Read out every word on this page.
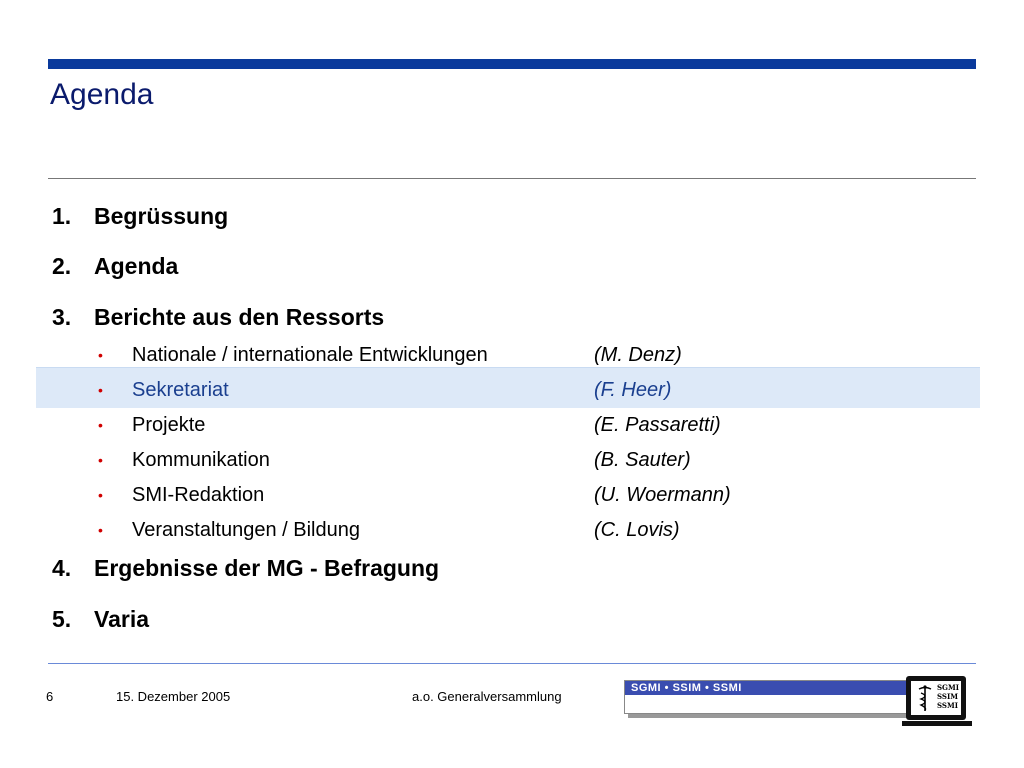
Agenda
1. Begrüssung
2. Agenda
3. Berichte aus den Ressorts
• Nationale / internationale Entwicklungen	(M. Denz)
• Sekretariat	(F. Heer)
• Projekte	(E. Passaretti)
• Kommunikation	(B. Sauter)
• SMI-Redaktion	(U. Woermann)
• Veranstaltungen / Bildung	(C. Lovis)
4. Ergebnisse der MG - Befragung
5. Varia
6	15. Dezember 2005	a.o. Generalversammlung
SGMI • SSIM • SSMI	SGMI
SSIM
SSMI
